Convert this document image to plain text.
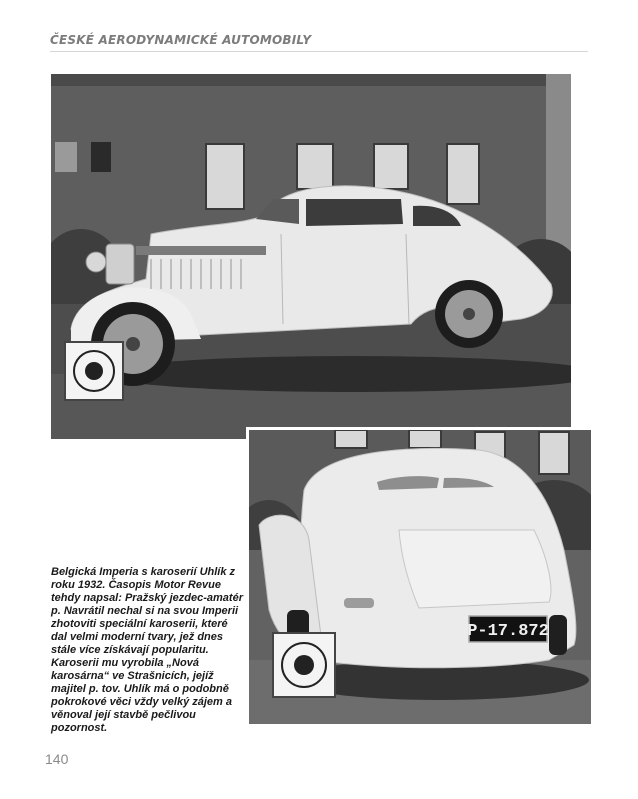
ČESKÉ AERODYNAMICKÉ AUTOMOBILY
P-17.872
Belgická Imperia s karoserií Uhlík z roku 1932. Časopis Motor Revue tehdy napsal: Pražský jezdec-amatér p. Navrátil nechal si na svou Imperii zhotoviti speciální karoserii, které dal velmi moderní tvary, jež dnes stále více získávají popularitu. Karoserii mu vyrobila „Nová karosárna“ ve Strašnicích, jejíž majitel p. tov. Uhlík má o podobně pokrokové věci vždy velký zájem a věnoval její stavbě pečlivou pozornost.
140
